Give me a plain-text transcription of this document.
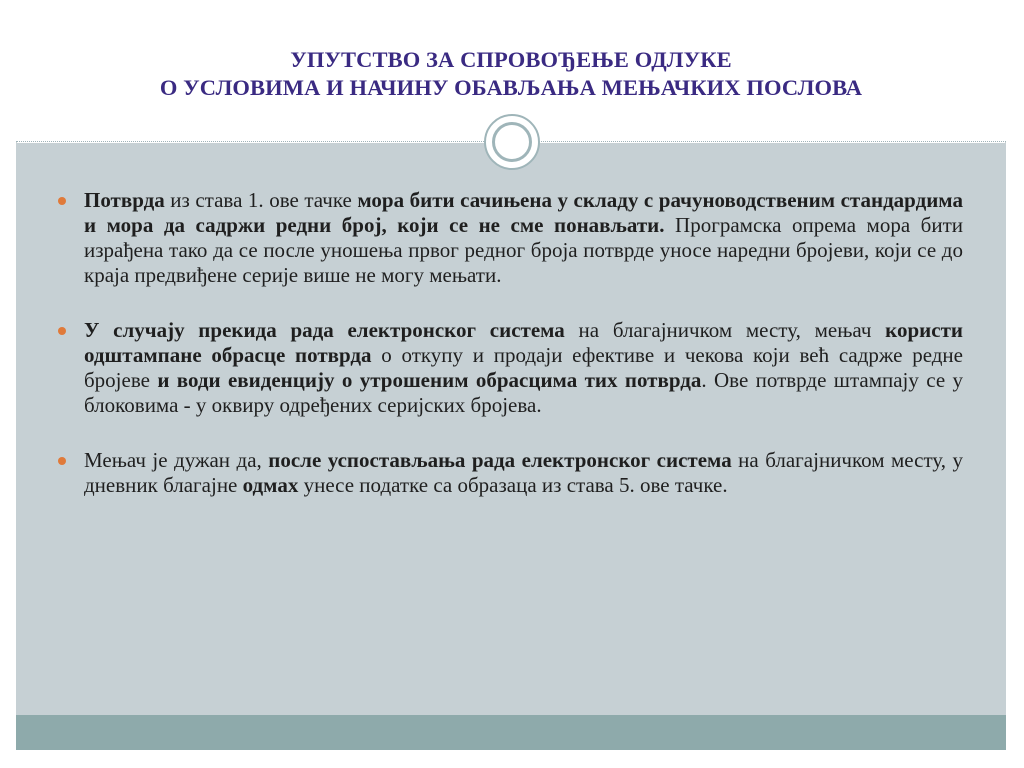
УПУТСТВО ЗА СПРОВОЂЕЊЕ ОДЛУКЕ
О УСЛОВИМА И НАЧИНУ ОБАВЉАЊА МЕЊАЧКИХ ПОСЛОВА
Потврда из става 1. ове тачке мора бити сачињена у складу с рачуноводственим стандардима и мора да садржи редни број, који се не сме понављати. Програмска опрема мора бити израђена тако да се после уношења првог редног броја потврде уносе наредни бројеви, који се до краја предвиђене серије више не могу мењати.
У случају прекида рада електронског система на благајничком месту, мењач користи одштампане обрасце потврда о откупу и продаји ефективе и чекова који већ садрже редне бројеве и води евиденцију о утрошеним обрасцима тих потврда. Ове потврде штампају се у блоковима - у оквиру одређених серијских бројева.
Мењач је дужан да, после успостављања рада електронског система на благајничком месту, у дневник благајне одмах унесе податке са образаца из става 5. ове тачке.
